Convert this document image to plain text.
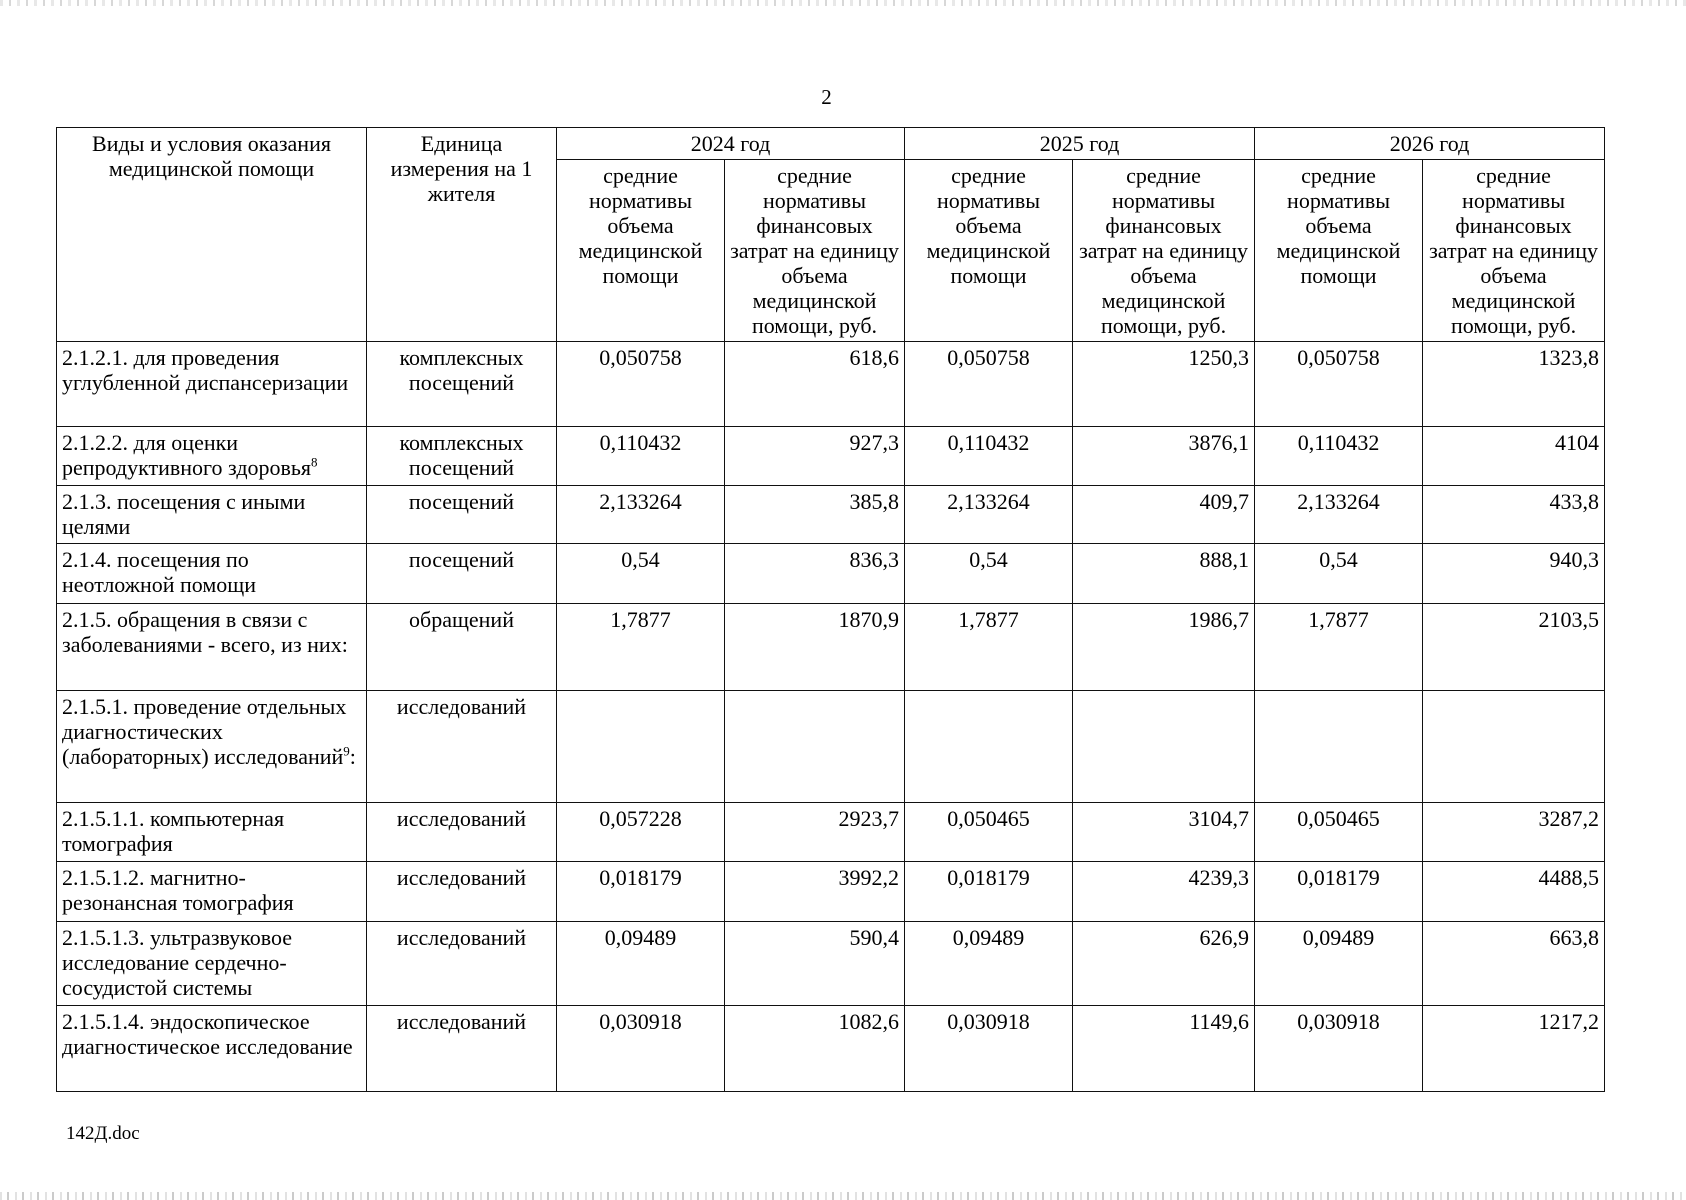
2
Виды и условия оказания медицинской помощи	Единица измерения на 1 жителя	2024 год		2025 год		2026 год	
		средние нормативы объема медицинской помощи	средние нормативы финансовых затрат на единицу объема медицинской помощи, руб.	средние нормативы объема медицинской помощи	средние нормативы финансовых затрат на единицу объема медицинской помощи, руб.	средние нормативы объема медицинской помощи	средние нормативы финансовых затрат на единицу объема медицинской помощи, руб.
2.1.2.1. для проведения углубленной диспансеризации	комплексных посещений	0,050758	618,6	0,050758	1250,3	0,050758	1323,8
2.1.2.2. для оценки репродуктивного здоровья$^8$	комплексных посещений	0,110432	927,3	0,110432	3876,1	0,110432	4104
2.1.3. посещения с иными целями	посещений	2,133264	385,8	2,133264	409,7	2,133264	433,8
2.1.4. посещения по неотложной помощи	посещений	0,54	836,3	0,54	888,1	0,54	940,3
2.1.5. обращения в связи с заболеваниями - всего, из них:	обращений	1,7877	1870,9	1,7877	1986,7	1,7877	2103,5
2.1.5.1. проведение отдельных диагностических (лабораторных) исследований$^9$:	исследований						
2.1.5.1.1. компьютерная томография	исследований	0,057228	2923,7	0,050465	3104,7	0,050465	3287,2
2.1.5.1.2. магнитно-резонансная томография	исследований	0,018179	3992,2	0,018179	4239,3	0,018179	4488,5
2.1.5.1.3. ультразвуковое исследование сердечно-сосудистой системы	исследований	0,09489	590,4	0,09489	626,9	0,09489	663,8
2.1.5.1.4. эндоскопическое диагностическое исследование	исследований	0,030918	1082,6	0,030918	1149,6	0,030918	1217,2
142Д.doc
